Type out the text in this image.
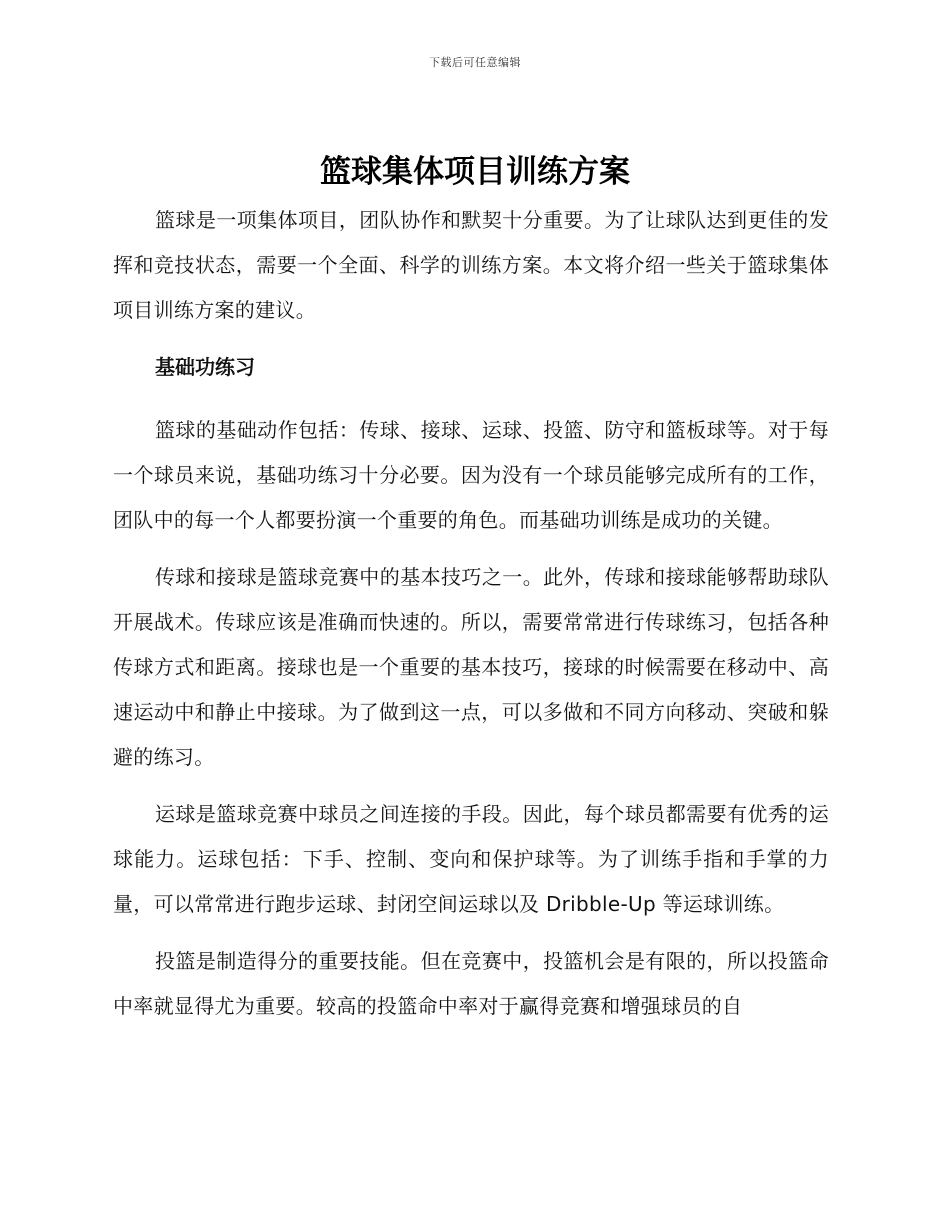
下载后可任意编辑
篮球集体项目训练方案

篮球是一项集体项目，团队协作和默契十分重要。为了让球队达到更佳的发挥和竞技状态，需要一个全面、科学的训练方案。本文将介绍一些关于篮球集体项目训练方案的建议。

基础功练习

篮球的基础动作包括：传球、接球、运球、投篮、防守和篮板球等。对于每一个球员来说，基础功练习十分必要。因为没有一个球员能够完成所有的工作，团队中的每一个人都要扮演一个重要的角色。而基础功训练是成功的关键。

传球和接球是篮球竞赛中的基本技巧之一。此外，传球和接球能够帮助球队开展战术。传球应该是准确而快速的。所以，需要常常进行传球练习，包括各种传球方式和距离。接球也是一个重要的基本技巧，接球的时候需要在移动中、高速运动中和静止中接球。为了做到这一点，可以多做和不同方向移动、突破和躲避的练习。

运球是篮球竞赛中球员之间连接的手段。因此，每个球员都需要有优秀的运球能力。运球包括：下手、控制、变向和保护球等。为了训练手指和手掌的力量，可以常常进行跑步运球、封闭空间运球以及 Dribble-Up 等运球训练。

投篮是制造得分的重要技能。但在竞赛中，投篮机会是有限的，所以投篮命中率就显得尤为重要。较高的投篮命中率对于赢得竞赛和增强球员的自
